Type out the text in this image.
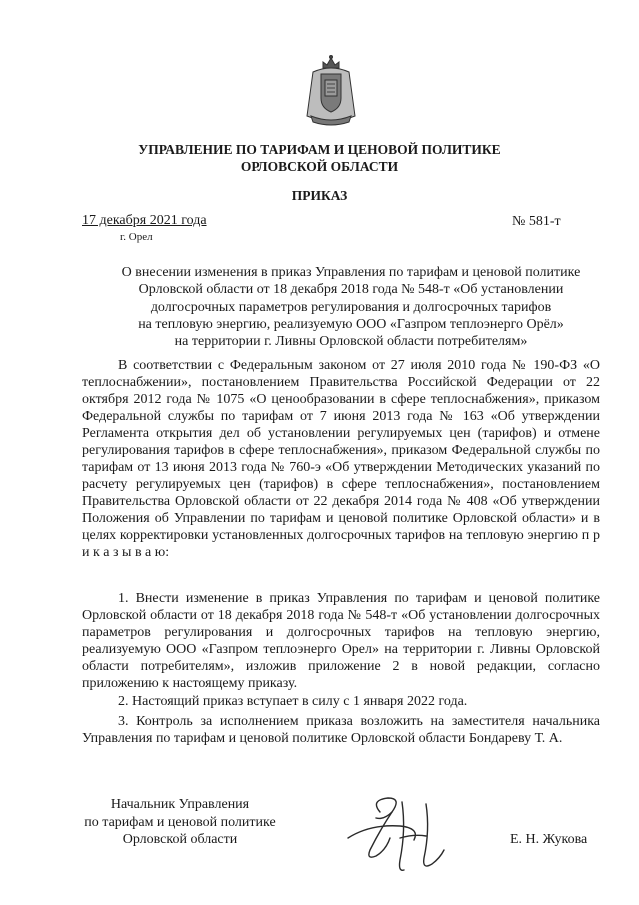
УПРАВЛЕНИЕ ПО ТАРИФАМ И ЦЕНОВОЙ ПОЛИТИКЕ
ОРЛОВСКОЙ ОБЛАСТИ
ПРИКАЗ
17 декабря 2021 года
г. Орел
№ 581-т
О внесении изменения в приказ Управления по тарифам и ценовой политике
Орловской области от 18 декабря 2018 года № 548-т «Об установлении
долгосрочных параметров регулирования и долгосрочных тарифов
на тепловую энергию, реализуемую ООО «Газпром теплоэнерго Орёл»
на территории г. Ливны Орловской области потребителям»

В соответствии с Федеральным законом от 27 июля 2010 года № 190-ФЗ «О теплоснабжении», постановлением Правительства Российской Федерации от 22 октября 2012 года № 1075 «О ценообразовании в сфере теплоснабжения», приказом Федеральной службы по тарифам от 7 июня 2013 года № 163 «Об утверждении Регламента открытия дел об установлении регулируемых цен (тарифов) и отмене регулирования тарифов в сфере теплоснабжения», приказом Федеральной службы по тарифам от 13 июня 2013 года № 760-э «Об утверждении Методических указаний по расчету регулируемых цен (тарифов) в сфере теплоснабжения», постановлением Правительства Орловской области от 22 декабря 2014 года № 408 «Об утверждении Положения об Управлении по тарифам и ценовой политике Орловской области» и в целях корректировки установленных долгосрочных тарифов на тепловую энергию п р и к а з ы в а ю:

1. Внести изменение в приказ Управления по тарифам и ценовой политике Орловской области от 18 декабря 2018 года № 548-т «Об установлении долгосрочных параметров регулирования и долгосрочных тарифов на тепловую энергию, реализуемую ООО «Газпром теплоэнерго Орел» на территории г. Ливны Орловской области потребителям», изложив приложение 2 в новой редакции, согласно приложению к настоящему приказу.

2. Настоящий приказ вступает в силу с 1 января 2022 года.

3. Контроль за исполнением приказа возложить на заместителя начальника Управления по тарифам и ценовой политике Орловской области Бондареву Т. А.

Начальник Управления
по тарифам и ценовой политике
Орловской области	Е. Н. Жукова
